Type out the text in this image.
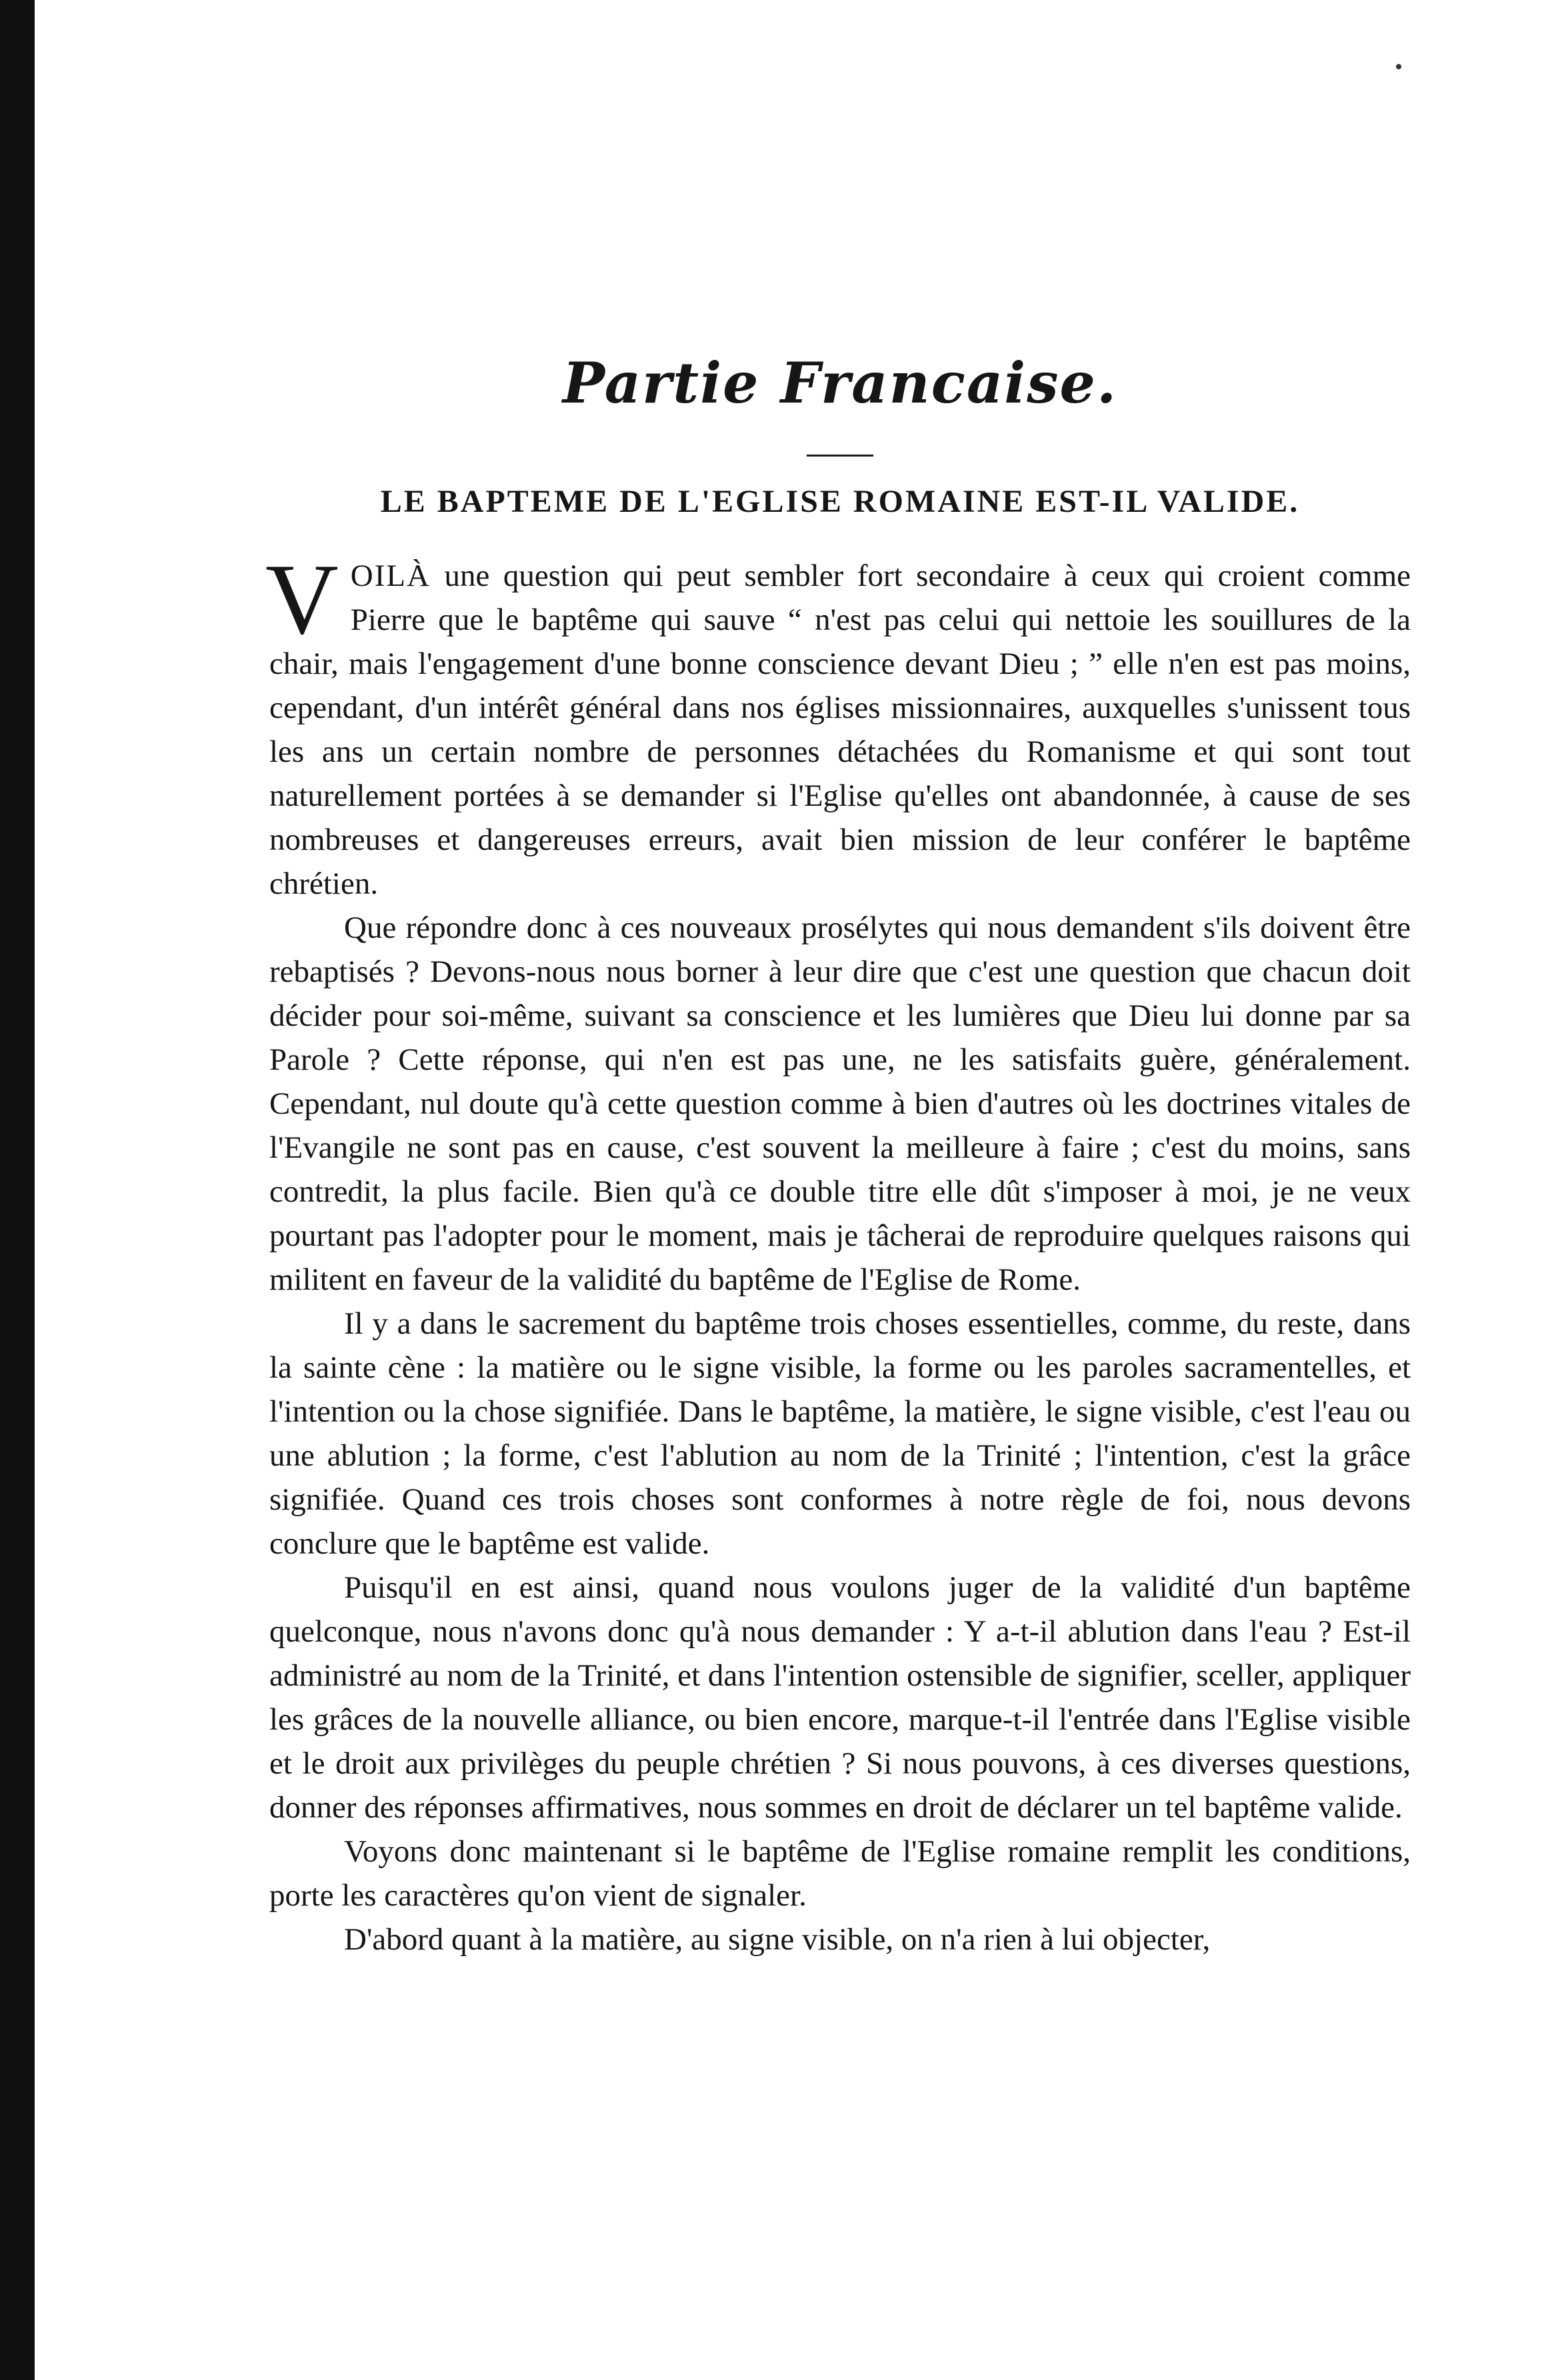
Partie Francaise.
LE BAPTEME DE L'EGLISE ROMAINE EST-IL VALIDE.

VOILÀ une question qui peut sembler fort secondaire à ceux qui croient comme Pierre que le baptême qui sauve “ n'est pas celui qui nettoie les souillures de la chair, mais l'engagement d'une bonne conscience devant Dieu ; ” elle n'en est pas moins, cependant, d'un intérêt général dans nos églises missionnaires, auxquelles s'unissent tous les ans un certain nombre de personnes détachées du Romanisme et qui sont tout naturellement portées à se demander si l'Eglise qu'elles ont abandonnée, à cause de ses nombreuses et dangereuses erreurs, avait bien mission de leur conférer le baptême chrétien.

Que répondre donc à ces nouveaux prosélytes qui nous demandent s'ils doivent être rebaptisés ? Devons-nous nous borner à leur dire que c'est une question que chacun doit décider pour soi-même, suivant sa conscience et les lumières que Dieu lui donne par sa Parole ? Cette réponse, qui n'en est pas une, ne les satisfaits guère, généralement. Cependant, nul doute qu'à cette question comme à bien d'autres où les doctrines vitales de l'Evangile ne sont pas en cause, c'est souvent la meilleure à faire ; c'est du moins, sans contredit, la plus facile. Bien qu'à ce double titre elle dût s'imposer à moi, je ne veux pourtant pas l'adopter pour le moment, mais je tâcherai de reproduire quelques raisons qui militent en faveur de la validité du baptême de l'Eglise de Rome.

Il y a dans le sacrement du baptême trois choses essentielles, comme, du reste, dans la sainte cène : la matière ou le signe visible, la forme ou les paroles sacramentelles, et l'intention ou la chose signifiée. Dans le baptême, la matière, le signe visible, c'est l'eau ou une ablution ; la forme, c'est l'ablution au nom de la Trinité ; l'intention, c'est la grâce signifiée. Quand ces trois choses sont conformes à notre règle de foi, nous devons conclure que le baptême est valide.

Puisqu'il en est ainsi, quand nous voulons juger de la validité d'un baptême quelconque, nous n'avons donc qu'à nous demander : Y a-t-il ablution dans l'eau ? Est-il administré au nom de la Trinité, et dans l'intention ostensible de signifier, sceller, appliquer les grâces de la nouvelle alliance, ou bien encore, marque-t-il l'entrée dans l'Eglise visible et le droit aux privilèges du peuple chrétien ? Si nous pouvons, à ces diverses questions, donner des réponses affirmatives, nous sommes en droit de déclarer un tel baptême valide.

Voyons donc maintenant si le baptême de l'Eglise romaine remplit les conditions, porte les caractères qu'on vient de signaler.

D'abord quant à la matière, au signe visible, on n'a rien à lui objecter,
